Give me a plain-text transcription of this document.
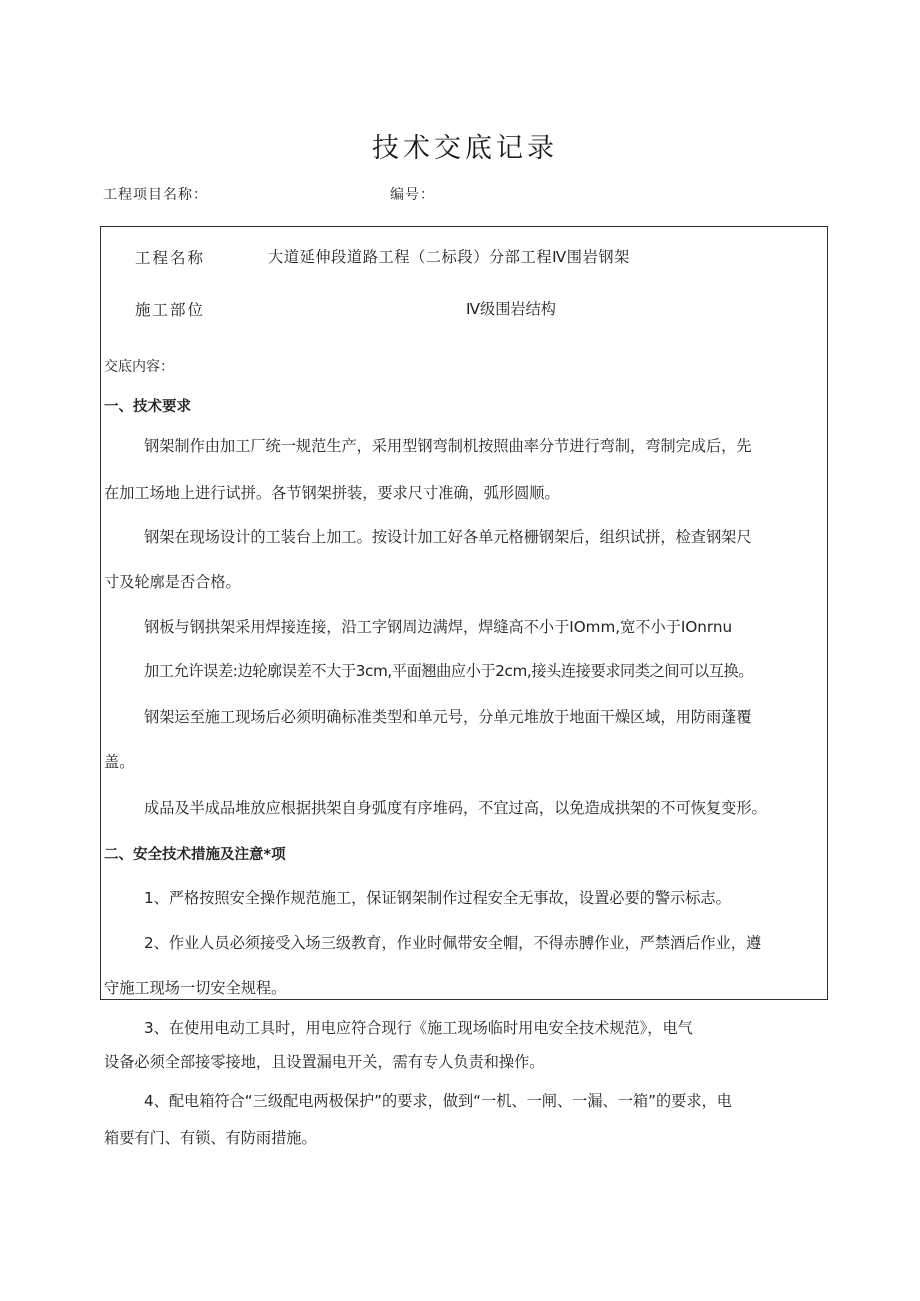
技术交底记录
工程项目名称：	编号：
工程名称	大道延伸段道路工程（二标段）分部工程Ⅳ围岩钢架
施工部位	Ⅳ级围岩结构
交底内容：
一、技术要求
钢架制作由加工厂统一规范生产，采用型钢弯制机按照曲率分节进行弯制，弯制完成后，先
在加工场地上进行试拼。各节钢架拼装，要求尺寸准确，弧形圆顺。
钢架在现场设计的工装台上加工。按设计加工好各单元格栅钢架后，组织试拼，检查钢架尺
寸及轮廓是否合格。
钢板与钢拱架采用焊接连接，沿工字钢周边满焊，焊缝高不小于IOmm,宽不小于IOnrnu
加工允许误差:边轮廓误差不大于3cm,平面翘曲应小于2cm,接头连接要求同类之间可以互换。
钢架运至施工现场后必须明确标准类型和单元号，分单元堆放于地面干燥区域，用防雨蓬覆
盖。
成品及半成品堆放应根据拱架自身弧度有序堆码，不宜过高，以免造成拱架的不可恢复变形。
二、安全技术措施及注意*项
1、严格按照安全操作规范施工，保证钢架制作过程安全无事故，设置必要的警示标志。
2、作业人员必须接受入场三级教育，作业时佩带安全帽，不得赤膊作业，严禁酒后作业，遵
守施工现场一切安全规程。
3、在使用电动工具时，用电应符合现行《施工现场临时用电安全技术规范》，电气
设备必须全部接零接地，且设置漏电开关，需有专人负责和操作。
4、配电箱符合“三级配电两极保护”的要求，做到“一机、一闸、一漏、一箱”的要求，电
箱要有门、有锁、有防雨措施。
